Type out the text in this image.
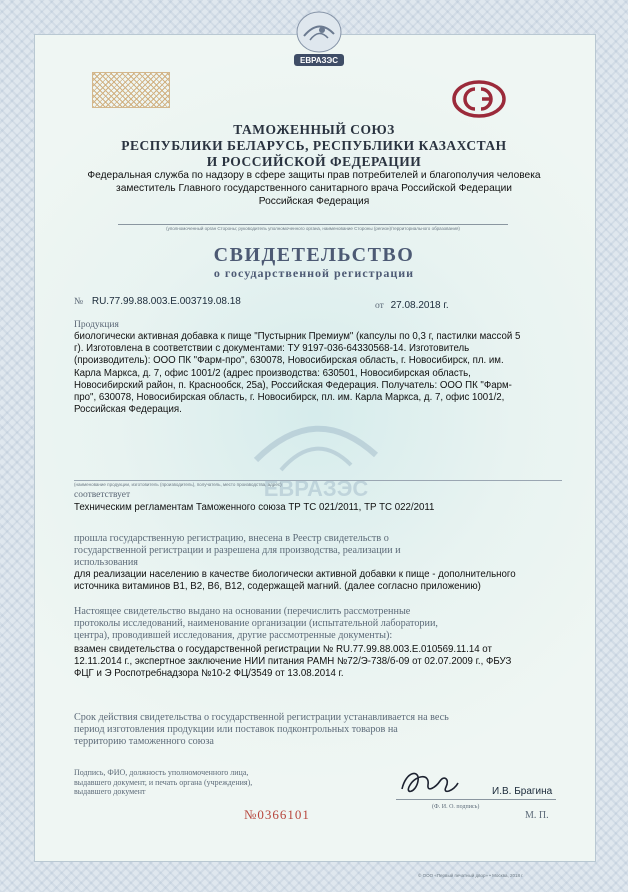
ЕВРАЗЭС
ТАМОЖЕННЫЙ СОЮЗ
РЕСПУБЛИКИ БЕЛАРУСЬ, РЕСПУБЛИКИ КАЗАХСТАН
И РОССИЙСКОЙ ФЕДЕРАЦИИ
Федеральная служба по надзору в сфере защиты прав потребителей и благополучия человека
заместитель Главного государственного санитарного врача Российской Федерации
Российская Федерация
(уполномоченный орган Стороны; руководитель уполномоченного органа, наименование Стороны (регион)/территориального образования)
СВИДЕТЕЛЬСТВО
о государственной регистрации
№ RU.77.99.88.003.E.003719.08.18	от 27.08.2018 г.
ЕВРАЗЭС
Продукция
биологически активная добавка к пище "Пустырник Премиум" (капсулы по 0,3 г, пастилки массой 5
г). Изготовлена в соответствии с документами: ТУ 9197-036-64330568-14. Изготовитель
(производитель): ООО ПК "Фарм-про", 630078, Новосибирская область, г. Новосибирск, пл. им.
Карла Маркса, д. 7, офис 1001/2 (адрес производства: 630501, Новосибирская область,
Новосибирский район, п. Краснообск, 25а), Российская Федерация. Получатель: ООО ПК "Фарм-
про", 630078, Новосибирская область, г. Новосибирск, пл. им. Карла Маркса, д. 7, офис 1001/2,
Российская Федерация.
(наименование продукции, изготовитель (производитель), получатель, место производства, адрес)
соответствует
Техническим регламентам Таможенного союза ТР ТС 021/2011, ТР ТС 022/2011
прошла государственную регистрацию, внесена в Реестр свидетельств о
государственной регистрации и разрешена для производства, реализации и
использования
для реализации населению в качестве биологически активной добавки к пище - дополнительного
источника витаминов В1, В2, В6, В12, содержащей магний. (далее согласно приложению)
Настоящее свидетельство выдано на основании (перечислить рассмотренные
протоколы исследований, наименование организации (испытательной лаборатории,
центра), проводившей исследования, другие рассмотренные документы):
взамен свидетельства о государственной регистрации № RU.77.99.88.003.E.010569.11.14 от
12.11.2014 г., экспертное заключение НИИ питания РАМН №72/Э-738/б-09 от 02.07.2009 г., ФБУЗ
ФЦГ и Э Роспотребнадзора №10-2 ФЦ/3549 от 13.08.2014 г.
Срок действия свидетельства о государственной регистрации устанавливается на весь
период изготовления продукции или поставок подконтрольных товаров на
территорию таможенного союза
Подпись, ФИО, должность уполномоченного лица,
выдавшего документ, и печать органа (учреждения),
выдавшего документ	И.В. Брагина
(Ф. И. О. подпись)
М. П.
№0366101
© ООО «Первый печатный двор» • Москва, 2018 г.
